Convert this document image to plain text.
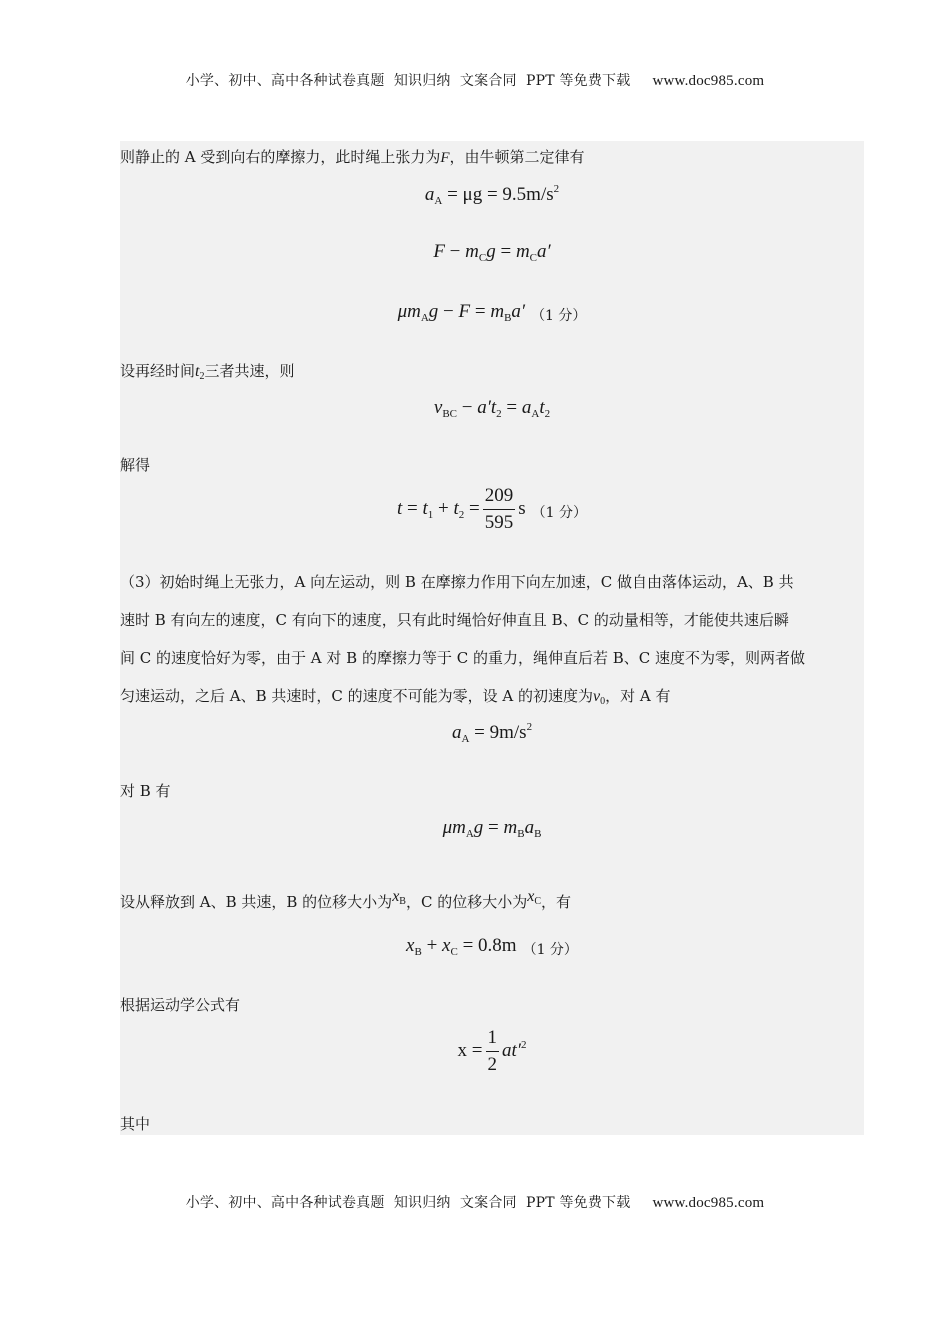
小学、初中、高中各种试卷真题  知识归纳  文案合同  PPT 等免费下载 www.doc985.com
则静止的 A 受到向右的摩擦力，此时绳上张力为F，由牛顿第二定律有
$a_A = \mu g = 9.5m/s^2$
$F - m_Cg = m_Ca'$
$\mu m_Ag - F = m_Ba'$ （1 分）
设再经时间$t_2$三者共速，则
$v_{BC} - a't_2 = a_At_2$
解得
$t = t_1 + t_2 = \frac{209}{595}$ s （1 分）
（3）初始时绳上无张力，A 向左运动，则 B 在摩擦力作用下向左加速，C 做自由落体运动，A、B 共
速时 B 有向左的速度，C 有向下的速度，只有此时绳恰好伸直且 B、C 的动量相等，才能使共速后瞬
间 C 的速度恰好为零，由于 A 对 B 的摩擦力等于 C 的重力，绳伸直后若 B、C 速度不为零，则两者做
匀速运动，之后 A、B 共速时，C 的速度不可能为零，设 A 的初速度为$v_0$，对 A 有
$a_A = 9m/s^2$
对 B 有
$\mu m_Ag = m_Ba_B$
设从释放到 A、B 共速，B 的位移大小为$x_B$，C 的位移大小为$x_C$，有
$x_B + x_C = 0.8m$ （1 分）
根据运动学公式有
$x = \frac{1}{2} at'^2$
其中
小学、初中、高中各种试卷真题  知识归纳  文案合同  PPT 等免费下载 www.doc985.com
